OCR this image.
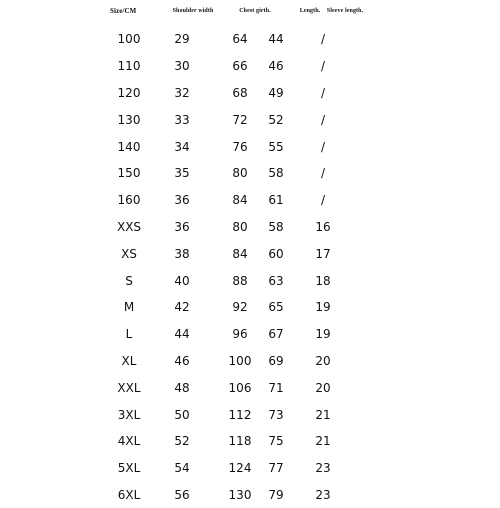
Size/CM	Shoulder width	Chest girth.	Length.	Sleeve length.
100	29	64	44	/
110	30	66	46	/
120	32	68	49	/
130	33	72	52	/
140	34	76	55	/
150	35	80	58	/
160	36	84	61	/
XXS	36	80	58	16
XS	38	84	60	17
S	40	88	63	18
M	42	92	65	19
L	44	96	67	19
XL	46	100	69	20
XXL	48	106	71	20
3XL	50	112	73	21
4XL	52	118	75	21
5XL	54	124	77	23
6XL	56	130	79	23
